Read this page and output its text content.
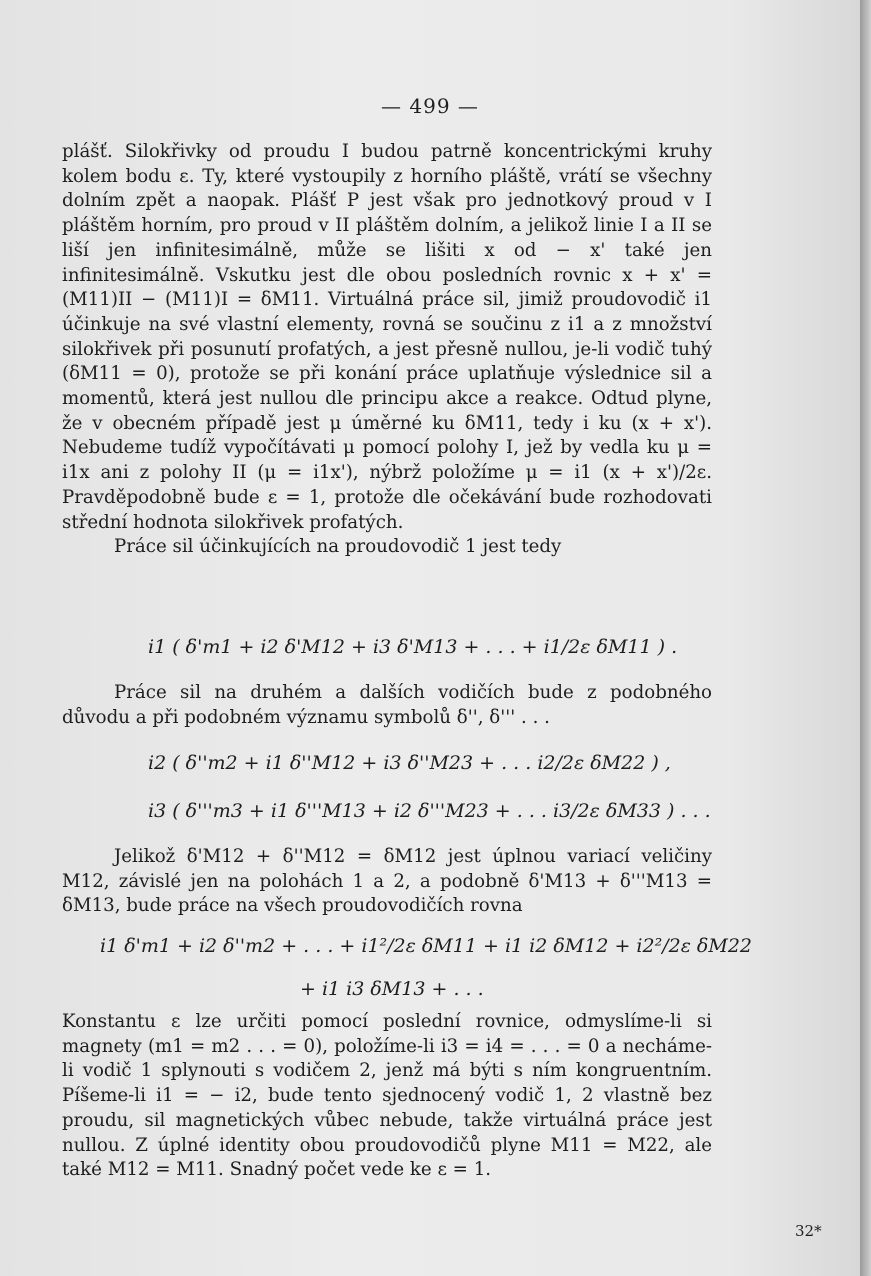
— 499 —

plášť. Silokřivky od proudu I budou patrně koncentrickými kruhy kolem bodu ε. Ty, které vystoupily z horního pláště, vrátí se všechny dolním zpět a naopak. Plášť P jest však pro jednotkový proud v I pláštěm horním, pro proud v II pláštěm dolním, a jelikož linie I a II se liší jen infinitesimálně, může se lišiti x od − x' také jen infinitesimálně. Vskutku jest dle obou posledních rovnic x + x' = (M11)II − (M11)I = δM11. Virtuálná práce sil, jimiž proudovodič i1 účinkuje na své vlastní elementy, rovná se součinu z i1 a z množství silokřivek při posunutí profatých, a jest přesně nullou, je-li vodič tuhý (δM11 = 0), protože se při konání práce uplatňuje výslednice sil a momentů, která jest nullou dle principu akce a reakce. Odtud plyne, že v obecném případě jest μ úměrné ku δM11, tedy i ku (x + x'). Nebudeme tudíž vypočítávati μ pomocí polohy I, jež by vedla ku μ = i1x ani z polohy II (μ = i1x'), nýbrž položíme μ = i1 (x + x')/2ε. Pravděpodobně bude ε = 1, protože dle očekávání bude rozhodovati střední hodnota silokřivek profatých.

Práce sil účinkujících na proudovodič 1 jest tedy

i1 ( δ'm1 + i2 δ'M12 + i3 δ'M13 + . . . + i1/2ε δM11 ) .

Práce sil na druhém a dalších vodičích bude z podobného důvodu a při podobném významu symbolů δ'', δ''' . . .

i2 ( δ''m2 + i1 δ''M12 + i3 δ''M23 + . . . i2/2ε δM22 ) ,
i3 ( δ'''m3 + i1 δ'''M13 + i2 δ'''M23 + . . . i3/2ε δM33 ) . . .

Jelikož δ'M12 + δ''M12 = δM12 jest úplnou variací veličiny M12, závislé jen na polohách 1 a 2, a podobně δ'M13 + δ'''M13 = δM13, bude práce na všech proudovodičích rovna

i1 δ'm1 + i2 δ''m2 + . . . + i1²/2ε δM11 + i1 i2 δM12 + i2²/2ε δM22
+ i1 i3 δM13 + . . .

Konstantu ε lze určiti pomocí poslední rovnice, odmyslíme-li si magnety (m1 = m2 . . . = 0), položíme-li i3 = i4 = . . . = 0 a necháme-li vodič 1 splynouti s vodičem 2, jenž má býti s ním kongruentním. Píšeme-li i1 = − i2, bude tento sjednocený vodič 1, 2 vlastně bez proudu, sil magnetických vůbec nebude, takže virtuálná práce jest nullou. Z úplné identity obou proudovodičů plyne M11 = M22, ale také M12 = M11. Snadný počet vede ke ε = 1.

32*
